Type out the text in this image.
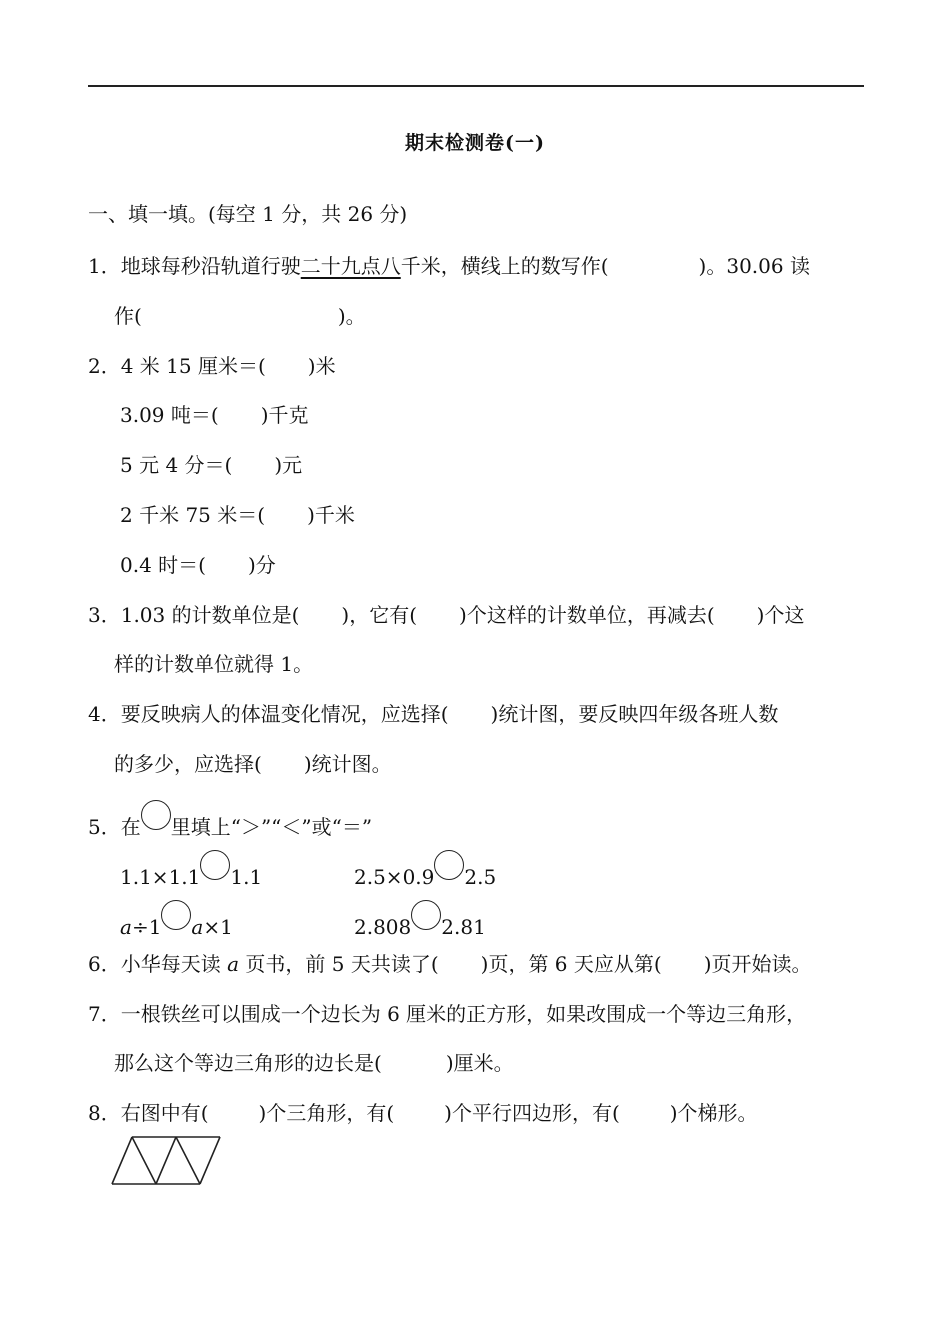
期末检测卷(一)
一、填一填。(每空 1 分，共 26 分)
1．地球每秒沿轨道行驶二十九点八千米，横线上的数写作(	)。30.06 读
作(	)。
2．4 米 15 厘米＝( )米
3.09 吨＝( )千克
5 元 4 分＝( )元
2 千米 75 米＝( )千米
0.4 时＝( )分
3．1.03 的计数单位是( )，它有( )个这样的计数单位，再减去( )个这
样的计数单位就得 1。
4．要反映病人的体温变化情况，应选择( )统计图，要反映四年级各班人数
的多少，应选择( )统计图。
5．在 里填上“＞”“＜”或“＝”
1.1×1.1 1.1	2.5×0.9 2.5
a÷1 a×1	2.808 2.81
6．小华每天读 a 页书，前 5 天共读了( )页，第 6 天应从第( )页开始读。
7．一根铁丝可以围成一个边长为 6 厘米的正方形，如果改围成一个等边三角形，
那么这个等边三角形的边长是(	)厘米。
8．右图中有(	)个三角形，有(	)个平行四边形，有(	)个梯形。
